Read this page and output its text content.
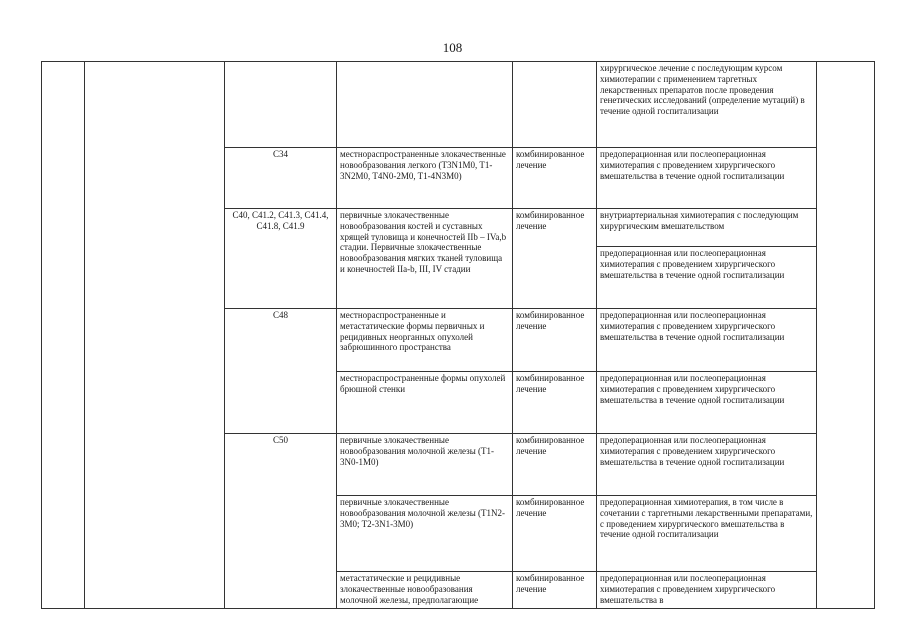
108
					хирургическое лечение с последующим курсом химиотерапии с применением таргетных лекарственных препаратов после проведения генетических исследований (определение мутаций) в течение одной госпитализации	
		C34	местнораспространенные злокачественные новообразования легкого (T3N1M0, T1-3N2M0, T4N0-2M0, T1-4N3M0)	комбинированное лечение	предоперационная или послеоперационная химиотерапия с проведением хирургического вмешательства в течение одной госпитализации	
		C40, C41.2, C41.3, C41.4, C41.8, C41.9	первичные злокачественные новообразования костей и суставных хрящей туловища и конечностей IIb – IVa,b стадии. Первичные злокачественные новообразования мягких тканей туловища и конечностей IIa-b, III, IV стадии	комбинированное лечение	внутриартериальная химиотерапия с последующим хирургическим вмешательством	
					предоперационная или послеоперационная химиотерапия с проведением хирургического вмешательства в течение одной госпитализации	
		C48	местнораспространенные и метастатические формы первичных и рецидивных неорганных опухолей забрюшинного пространства	комбинированное лечение	предоперационная или послеоперационная химиотерапия с проведением хирургического вмешательства в течение одной госпитализации	
			местнораспространенные формы опухолей брюшной стенки	комбинированное лечение	предоперационная или послеоперационная химиотерапия с проведением хирургического вмешательства в течение одной госпитализации	
		C50	первичные злокачественные новообразования молочной железы (T1-3N0-1M0)	комбинированное лечение	предоперационная или послеоперационная химиотерапия с проведением хирургического вмешательства в течение одной госпитализации	
			первичные злокачественные новообразования молочной железы (T1N2-3M0; T2-3N1-3M0)	комбинированное лечение	предоперационная химиотерапия, в том числе в сочетании с таргетными лекарственными препаратами, с проведением хирургического вмешательства в течение одной госпитализации	
			метастатические и рецидивные злокачественные новообразования молочной железы, предполагающие	комбинированное лечение	предоперационная или послеоперационная химиотерапия с проведением хирургического вмешательства в	
